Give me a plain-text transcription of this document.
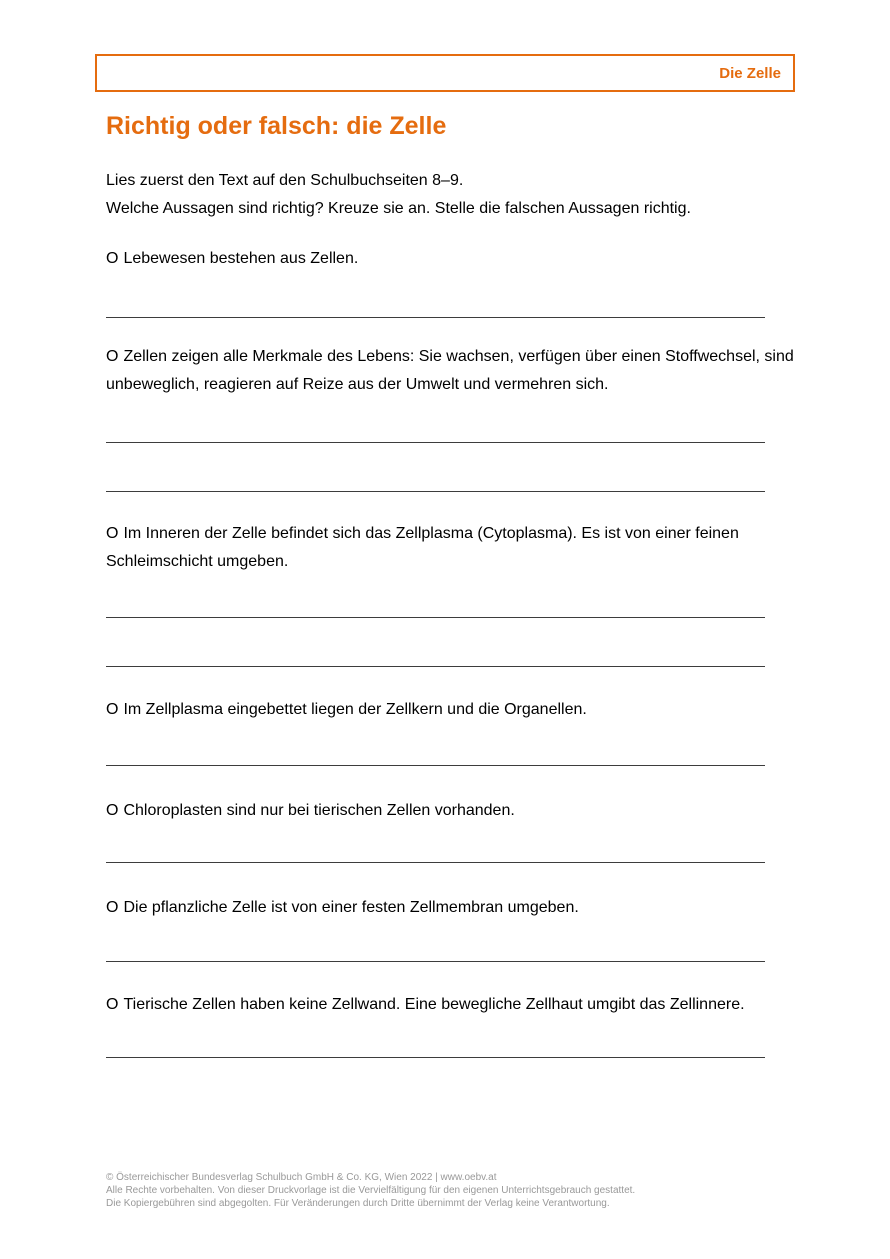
Die Zelle
Richtig oder falsch: die Zelle
Lies zuerst den Text auf den Schulbuchseiten 8–9.
Welche Aussagen sind richtig? Kreuze sie an. Stelle die falschen Aussagen richtig.
O Lebewesen bestehen aus Zellen.
O Zellen zeigen alle Merkmale des Lebens: Sie wachsen, verfügen über einen Stoffwechsel, sind unbeweglich, reagieren auf Reize aus der Umwelt und vermehren sich.
O Im Inneren der Zelle befindet sich das Zellplasma (Cytoplasma). Es ist von einer feinen Schleimschicht umgeben.
O Im Zellplasma eingebettet liegen der Zellkern und die Organellen.
O Chloroplasten sind nur bei tierischen Zellen vorhanden.
O Die pflanzliche Zelle ist von einer festen Zellmembran umgeben.
O Tierische Zellen haben keine Zellwand. Eine bewegliche Zellhaut umgibt das Zellinnere.
© Österreichischer Bundesverlag Schulbuch GmbH & Co. KG, Wien 2022 | www.oebv.at
Alle Rechte vorbehalten. Von dieser Druckvorlage ist die Vervielfältigung für den eigenen Unterrichtsgebrauch gestattet.
Die Kopiergebühren sind abgegolten. Für Veränderungen durch Dritte übernimmt der Verlag keine Verantwortung.
